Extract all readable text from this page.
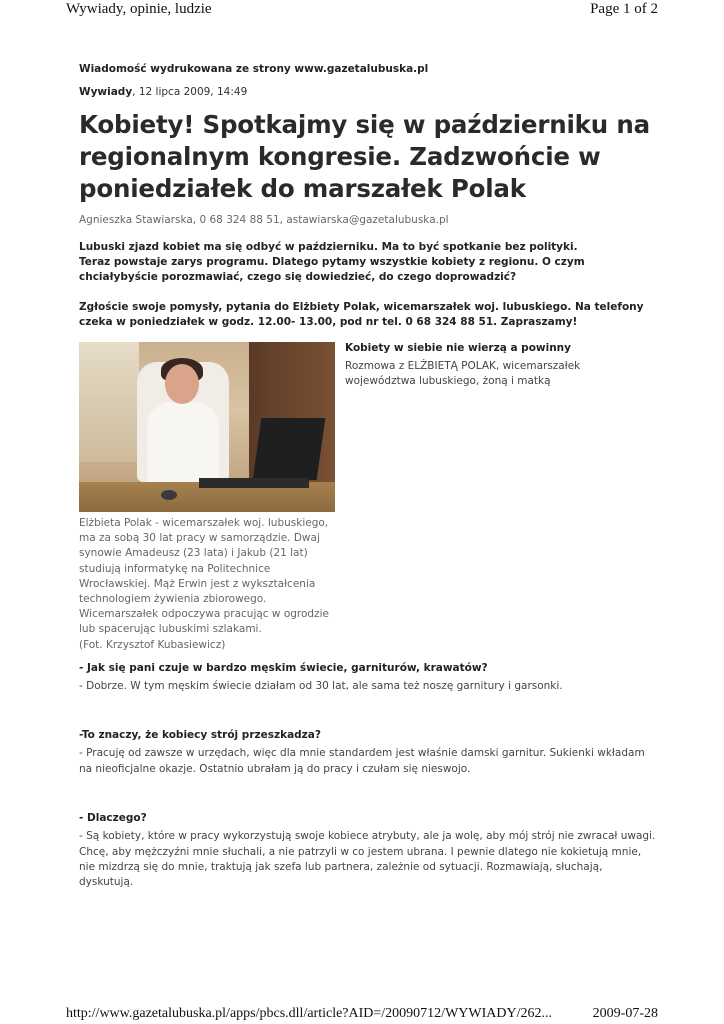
Wywiady, opinie, ludzie	Page 1 of 2

Wiadomość wydrukowana ze strony www.gazetalubuska.pl

Wywiady, 12 lipca 2009, 14:49
Kobiety! Spotkajmy się w październiku na regionalnym kongresie. Zadzwońcie w poniedziałek do marszałek Polak
Agnieszka Stawiarska, 0 68 324 88 51, astawiarska@gazetalubuska.pl

Lubuski zjazd kobiet ma się odbyć w październiku. Ma to być spotkanie bez polityki.

Teraz powstaje zarys programu. Dlatego pytamy wszystkie kobiety z regionu. O czym chciałybyście porozmawiać, czego się dowiedzieć, do czego doprowadzić?

Zgłoście swoje pomysły, pytania do Elżbiety Polak, wicemarszałek woj. lubuskiego. Na telefony czeka w poniedziałek w godz. 12.00- 13.00, pod nr tel. 0 68 324 88 51. Zapraszamy!

Elżbieta Polak - wicemarszałek woj. lubuskiego, ma za sobą 30 lat pracy w samorządzie. Dwaj synowie Amadeusz (23 lata) i Jakub (21 lat) studiują informatykę na Politechnice Wrocławskiej. Mąż Erwin jest z wykształcenia technologiem żywienia zbiorowego. Wicemarszałek odpoczywa pracując w ogrodzie lub spacerując lubuskimi szlakami.
(Fot. Krzysztof Kubasiewicz)
Kobiety w siebie nie wierzą a powinny
Rozmowa z ELŻBIETĄ POLAK, wicemarszałek województwa lubuskiego, żoną i matką

- Jak się pani czuje w bardzo męskim świecie, garniturów, krawatów?

- Dobrze. W tym męskim świecie działam od 30 lat, ale sama też noszę garnitury i garsonki.

-To znaczy, że kobiecy strój przeszkadza?

- Pracuję od zawsze w urzędach, więc dla mnie standardem jest właśnie damski garnitur. Sukienki wkładam na nieoficjalne okazje. Ostatnio ubrałam ją do pracy i czułam się nieswojo.

- Dlaczego?

- Są kobiety, które w pracy wykorzystują swoje kobiece atrybuty, ale ja wolę, aby mój strój nie zwracał uwagi. Chcę, aby mężczyźni mnie słuchali, a nie patrzyli w co jestem ubrana. I pewnie dlatego nie kokietują mnie, nie mizdrzą się do mnie, traktują jak szefa lub partnera, zależnie od sytuacji. Rozmawiają, słuchają, dyskutują.

http://www.gazetalubuska.pl/apps/pbcs.dll/article?AID=/20090712/WYWIADY/262...	2009-07-28
